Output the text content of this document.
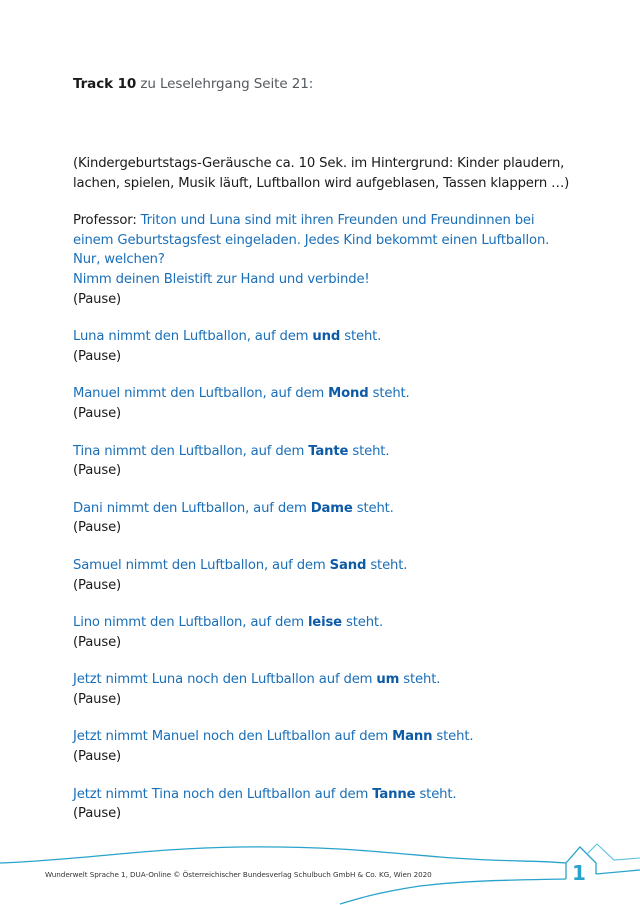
Track 10 zu Leselehrgang Seite 21:

(Kindergeburtstags-Geräusche ca. 10 Sek. im Hintergrund: Kinder plaudern, lachen, spielen, Musik läuft, Luftballon wird aufgeblasen, Tassen klappern …)

Professor: Triton und Luna sind mit ihren Freunden und Freundinnen bei einem Geburtstagsfest eingeladen. Jedes Kind bekommt einen Luftballon. Nur, welchen?
Nimm deinen Bleistift zur Hand und verbinde!
(Pause)

Luna nimmt den Luftballon, auf dem und steht.
(Pause)

Manuel nimmt den Luftballon, auf dem Mond steht.
(Pause)

Tina nimmt den Luftballon, auf dem Tante steht.
(Pause)

Dani nimmt den Luftballon, auf dem Dame steht.
(Pause)

Samuel nimmt den Luftballon, auf dem Sand steht.
(Pause)

Lino nimmt den Luftballon, auf dem leise steht.
(Pause)

Jetzt nimmt Luna noch den Luftballon auf dem um steht.
(Pause)

Jetzt nimmt Manuel noch den Luftballon auf dem Mann steht.
(Pause)

Jetzt nimmt Tina noch den Luftballon auf dem Tanne steht.
(Pause)

Wunderwelt Sprache 1, DUA-Online © Österreichischer Bundesverlag Schulbuch GmbH & Co. KG, Wien 2020	1
